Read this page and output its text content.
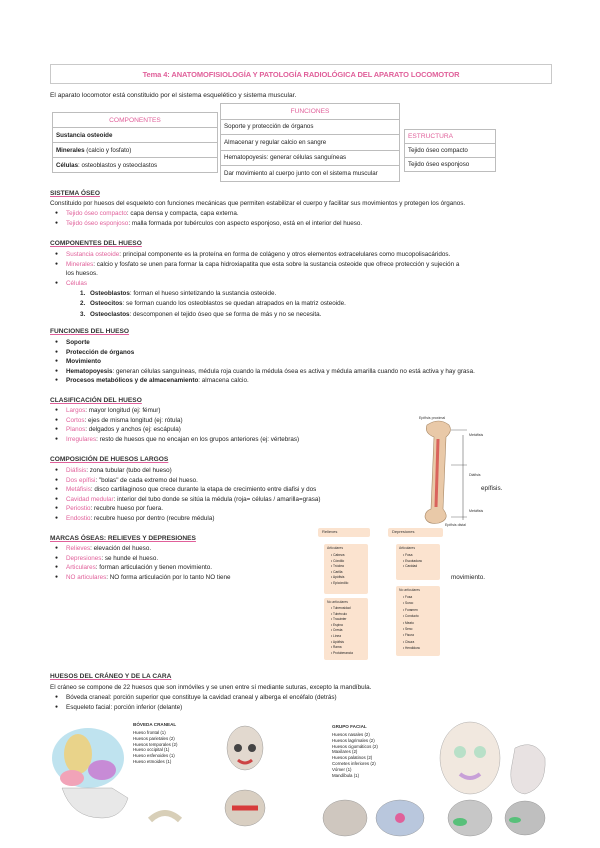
Tema 4: ANATOMOFISIOLOGÍA Y PATOLOGÍA RADIOLÓGICA DEL APARATO LOCOMOTOR
El aparato locomotor está constituido por el sistema esquelético y sistema muscular.
COMPONENTES
Sustancia osteoide
Minerales (calcio y fosfato)
Células: osteoblastos y osteoclastos
FUNCIONES
Soporte y protección de órganos
Almacenar y regular calcio en sangre
Hematopoyesis: generar células sanguíneas
Dar movimiento al cuerpo junto con el sistema muscular
ESTRUCTURA
Tejido óseo compacto
Tejido óseo esponjoso
SISTEMA ÓSEO
Constituido por huesos del esqueleto con funciones mecánicas que permiten estabilizar el cuerpo y facilitar sus movimientos y protegen los órganos.
● Tejido óseo compacto: capa densa y compacta, capa externa.
● Tejido óseo esponjoso: malla formada por tubérculos con aspecto esponjoso, está en el interior del hueso.
COMPONENTES DEL HUESO
● Sustancia osteoide: principal componente es la proteína en forma de colágeno y otros elementos extracelulares como mucopolisacáridos.
● Minerales: calcio y fosfato se unen para formar la capa hidroxiapatita que esta sobre la sustancia osteoide que ofrece protección y sujeción a
los huesos.
● Células
1. Osteoblastos: forman el hueso sintetizando la sustancia osteoide.
2. Osteocitos: se forman cuando los osteoblastos se quedan atrapados en la matriz osteoide.
3. Osteoclastos: descomponen el tejido óseo que se forma de más y no se necesita.
FUNCIONES DEL HUESO
● Soporte
● Protección de órganos
● Movimiento
● Hematopoyesis: generan células sanguíneas, médula roja cuando la médula ósea es activa y médula amarilla cuando no está activa y hay grasa.
● Procesos metabólicos y de almacenamiento: almacena calcio.
CLASIFICACIÓN DEL HUESO
● Largos: mayor longitud (ej: fémur)
● Cortos: ejes de misma longitud (ej: rótula)
● Planos: delgados y anchos (ej: escápula)
● Irregulares: resto de huesos que no encajan en los grupos anteriores (ej: vértebras)
COMPOSICIÓN DE HUESOS LARGOS
● Diáfisis: zona tubular (tubo del hueso)
● Dos epífisi: "bolas" de cada extremo del hueso.
● Metáfisis: disco cartilaginoso que crece durante la etapa de crecimiento entre diafisi y dos
● Cavidad medular: interior del tubo donde se sitúa la médula (roja= células / amarilla=grasa)
● Periostio: recubre hueso por fuera.
● Endostio: recubre hueso por dentro (recubre médula)
epífisis.
Epífisis proximal
Metáfisis
Diáfisis
Metáfisis
Epífisis distal
MARCAS ÓSEAS: RELIEVES Y DEPRESIONES
● Relieves: elevación del hueso.
● Depresiones: se hunde el hueso.
● Articulares: forman articulación y tienen movimiento.
● NO articulares: NO forma articulación por lo tanto NO tiene	movimiento.
Relieves	Depresiones
Articulares
• Cabeza
• Cóndilo
• Tróclea
• Carilla
• Apófisis
• Epicóndilo
Articulares
• Fosa
• Escotadura
• Cavidad
No articulares
• Tuberosidad
• Tubérculo
• Trocánter
• Espina
• Cresta
• Línea
• Apófisis
• Rama
• Protuberancia
No articulares
• Fosa
• Surco
• Foramen
• Conducto
• Meato
• Seno
• Fisura
• Cisura
• Hendidura
HUESOS DEL CRÁNEO Y DE LA CARA
El cráneo se compone de 22 huesos que son inmóviles y se unen entre sí mediante suturas, excepto la mandíbula.
● Bóveda craneal: porción superior que constituye la cavidad craneal y alberga el encéfalo (detrás)
● Esqueleto facial: porción inferior (delante)
BÓVEDA CRANEAL
Hueso frontal (1)
Huesos parietales (2)
Huesos temporales (2)
Hueso occipital (1)
Hueso esfenoides (1)
Hueso etmoides (1)
GRUPO FACIAL
Huesos nasales (2)
Huesos lagrimales (2)
Huesos cigomáticos (2)
Maxilares (2)
Huesos palatinos (2)
Cornetes inferiores (2)
Vómer (1)
Mandíbula (1)
